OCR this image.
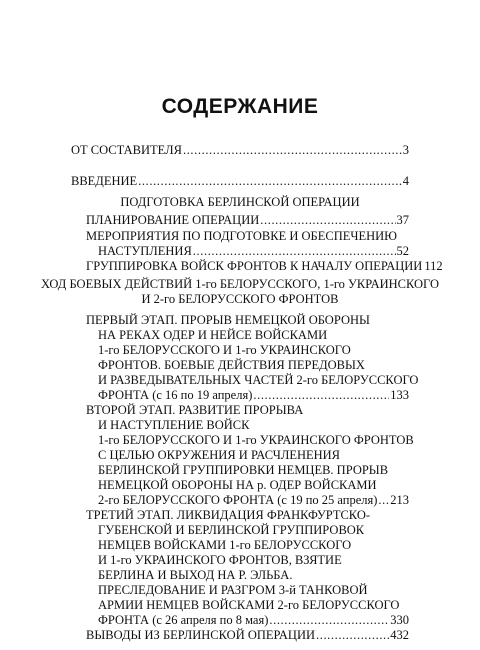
СОДЕРЖАНИЕ
ОТ СОСТАВИТЕЛЯ .....	3
ВВЕДЕНИЕ .....	4
ПОДГОТОВКА БЕРЛИНСКОЙ ОПЕРАЦИИ
ПЛАНИРОВАНИЕ ОПЕРАЦИИ .....	37
МЕРОПРИЯТИЯ ПО ПОДГОТОВКЕ И ОБЕСПЕЧЕНИЮ
НАСТУПЛЕНИЯ .....	52
ГРУППИРОВКА ВОЙСК ФРОНТОВ К НАЧАЛУ ОПЕРАЦИИ 112
ХОД БОЕВЫХ ДЕЙСТВИЙ 1-го БЕЛОРУССКОГО, 1-го УКРАИНСКОГО
И 2-го БЕЛОРУССКОГО ФРОНТОВ
ПЕРВЫЙ ЭТАП. ПРОРЫВ НЕМЕЦКОЙ ОБОРОНЫ
НА РЕКАХ ОДЕР И НЕЙСЕ ВОЙСКАМИ
1-го БЕЛОРУССКОГО И 1-го УКРАИНСКОГО
ФРОНТОВ. БОЕВЫЕ ДЕЙСТВИЯ ПЕРЕДОВЫХ
И РАЗВЕДЫВАТЕЛЬНЫХ ЧАСТЕЙ 2-го БЕЛОРУССКОГО
ФРОНТА (с 16 по 19 апреля) .....	133
ВТОРОЙ ЭТАП. РАЗВИТИЕ ПРОРЫВА
И НАСТУПЛЕНИЕ ВОЙСК
1-го БЕЛОРУССКОГО И 1-го УКРАИНСКОГО ФРОНТОВ
С ЦЕЛЬЮ ОКРУЖЕНИЯ И РАСЧЛЕНЕНИЯ
БЕРЛИНСКОЙ ГРУППИРОВКИ НЕМЦЕВ. ПРОРЫВ
НЕМЕЦКОЙ ОБОРОНЫ НА р. ОДЕР ВОЙСКАМИ
2-го БЕЛОРУССКОГО ФРОНТА (с 19 по 25 апреля) ..... 213
ТРЕТИЙ ЭТАП. ЛИКВИДАЦИЯ ФРАНКФУРТСКО-
ГУБЕНСКОЙ И БЕРЛИНСКОЙ ГРУППИРОВОК
НЕМЦЕВ ВОЙСКАМИ 1-го БЕЛОРУССКОГО
И 1-го УКРАИНСКОГО ФРОНТОВ, ВЗЯТИЕ
БЕРЛИНА И ВЫХОД НА Р. ЭЛЬБА.
ПРЕСЛЕДОВАНИЕ И РАЗГРОМ 3-й ТАНКОВОЙ
АРМИИ НЕМЦЕВ ВОЙСКАМИ 2-го БЕЛОРУССКОГО
ФРОНТА (с 26 апреля по 8 мая) .....	330
ВЫВОДЫ ИЗ БЕРЛИНСКОЙ ОПЕРАЦИИ .....	432
